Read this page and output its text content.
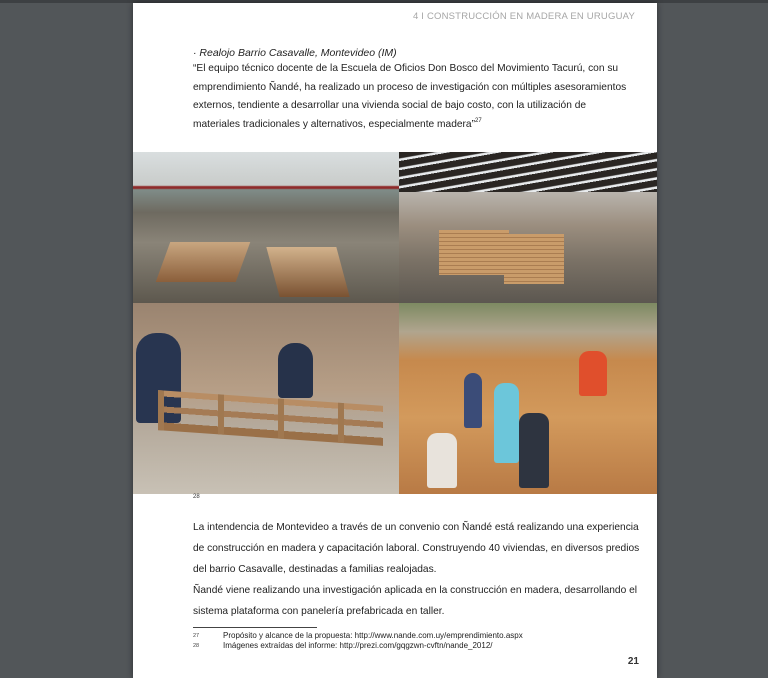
4 I CONSTRUCCIÓN EN MADERA EN URUGUAY
· Realojo Barrio Casavalle, Montevideo (IM)
“El equipo técnico docente de la Escuela de Oficios Don Bosco del Movimiento Tacurú, con su emprendimiento Ñandé, ha realizado un proceso de investigación con múltiples asesoramientos externos, tendiente a desarrollar una vivienda social de bajo costo, con la utilización de materiales tradicionales y alternativos, especialmente madera”$^{27}$
28
La intendencia de Montevideo a través de un convenio con Ñandé está realizando una experiencia de construcción en madera y capacitación laboral. Construyendo 40 viviendas, en diversos predios del barrio Casavalle, destinadas a familias realojadas.
Ñandé viene realizando una investigación aplicada en la construcción en madera, desarrollando el sistema plataforma con panelería prefabricada en taller.
27	Propósito y alcance de la propuesta: http://www.nande.com.uy/emprendimiento.aspx
28	Imágenes extraídas del informe: http://prezi.com/gqgzwn-cvftn/nande_2012/
21
